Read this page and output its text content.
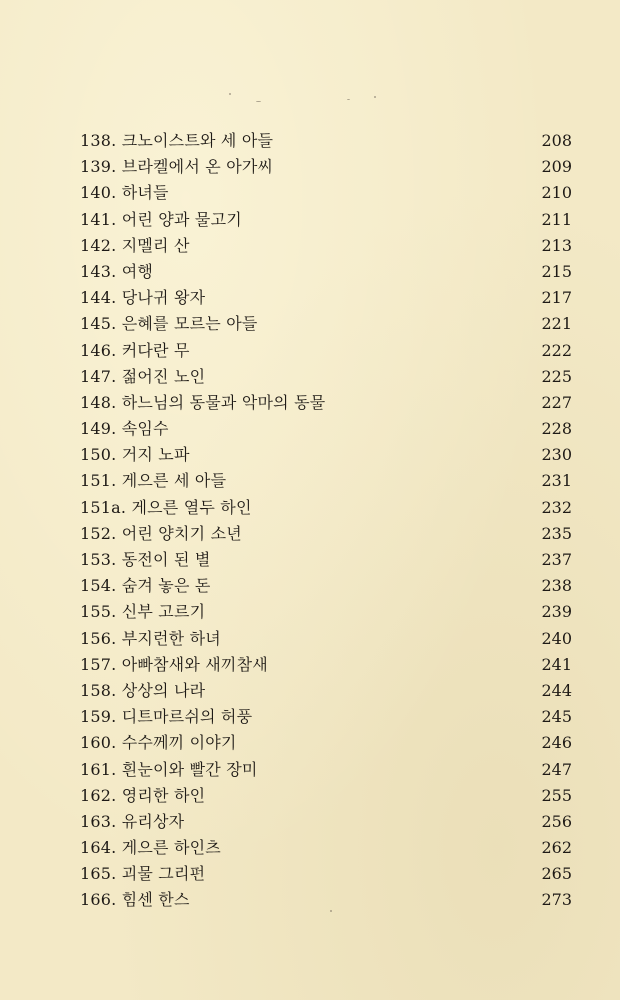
138. 크노이스트와 세 아들	208
139. 브라켈에서 온 아가씨	209
140. 하녀들	210
141. 어린 양과 물고기	211
142. 지멜리 산	213
143. 여행	215
144. 당나귀 왕자	217
145. 은혜를 모르는 아들	221
146. 커다란 무	222
147. 젊어진 노인	225
148. 하느님의 동물과 악마의 동물	227
149. 속임수	228
150. 거지 노파	230
151. 게으른 세 아들	231
151a. 게으른 열두 하인	232
152. 어린 양치기 소년	235
153. 동전이 된 별	237
154. 숨겨 놓은 돈	238
155. 신부 고르기	239
156. 부지런한 하녀	240
157. 아빠참새와 새끼참새	241
158. 상상의 나라	244
159. 디트마르쉬의 허풍	245
160. 수수께끼 이야기	246
161. 흰눈이와 빨간 장미	247
162. 영리한 하인	255
163. 유리상자	256
164. 게으른 하인츠	262
165. 괴물 그리펀	265
166. 힘센 한스	273
